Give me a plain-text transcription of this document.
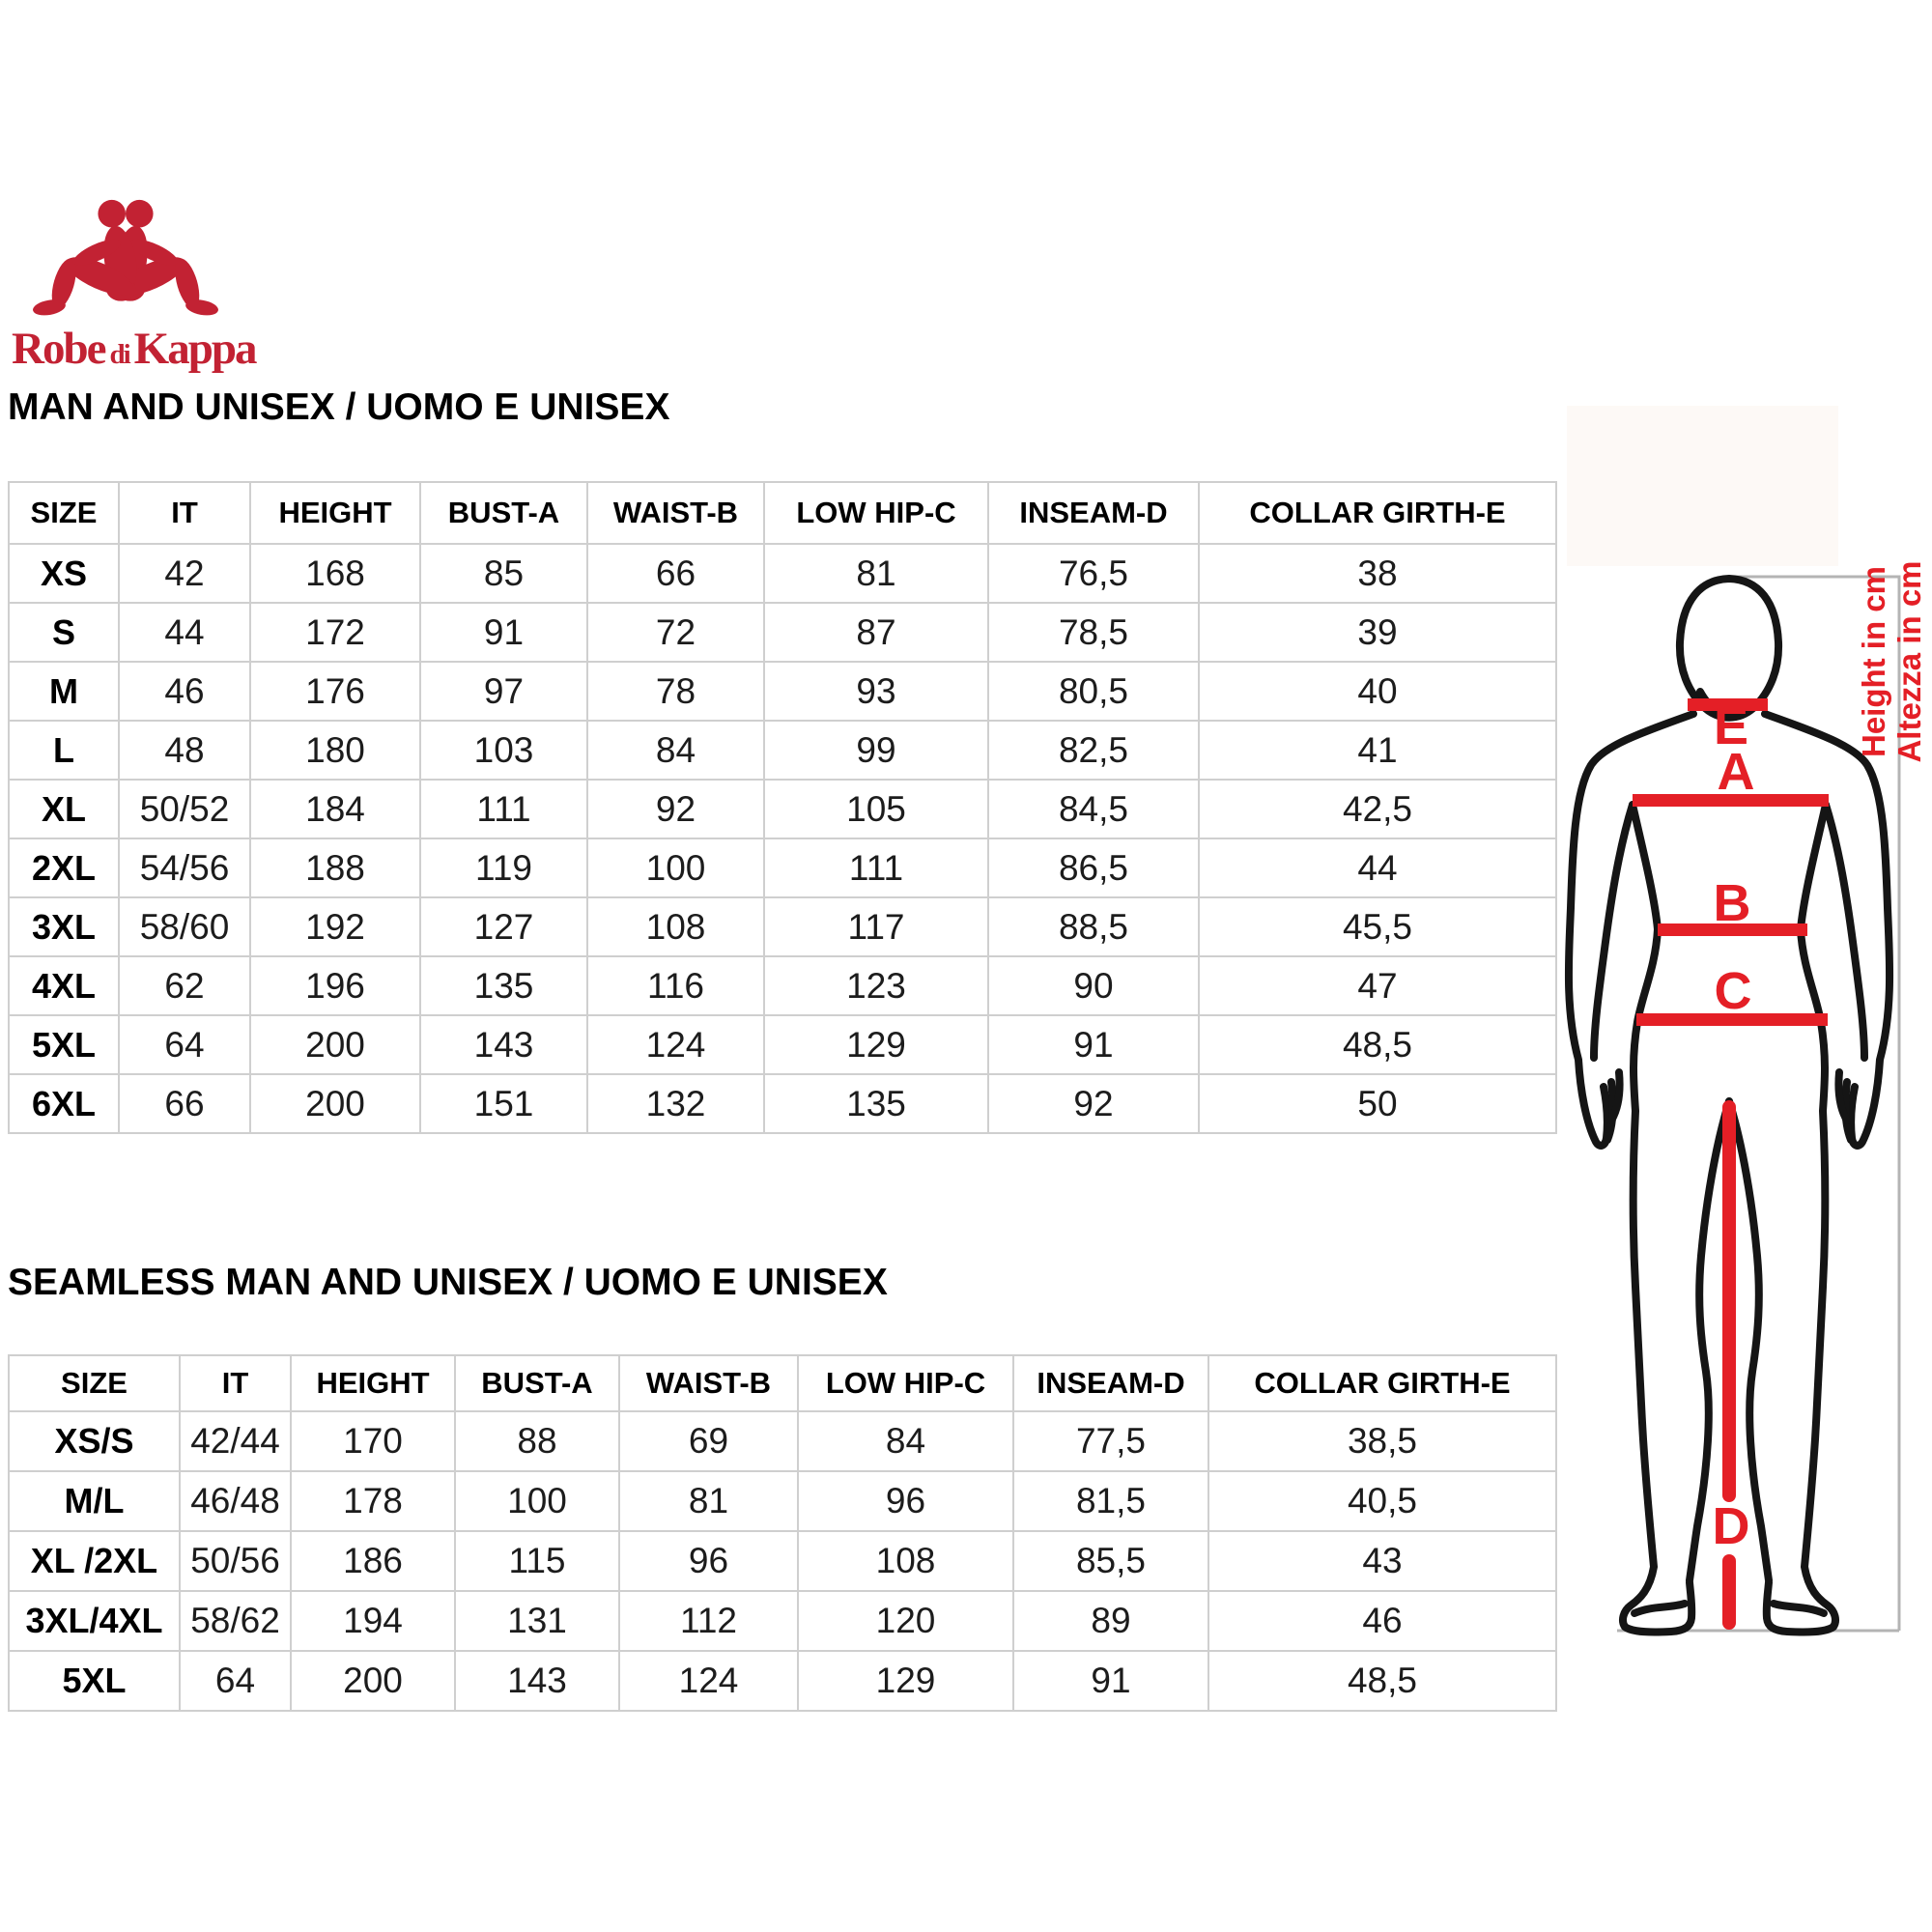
Robe di Kappa
MAN AND UNISEX / UOMO E UNISEX
SIZE	IT	HEIGHT	BUST-A	WAIST-B	LOW HIP-C	INSEAM-D	COLLAR GIRTH-E
XS	42	168	85	66	81	76,5	38
S	44	172	91	72	87	78,5	39
M	46	176	97	78	93	80,5	40
L	48	180	103	84	99	82,5	41
XL	50/52	184	111	92	105	84,5	42,5
2XL	54/56	188	119	100	111	86,5	44
3XL	58/60	192	127	108	117	88,5	45,5
4XL	62	196	135	116	123	90	47
5XL	64	200	143	124	129	91	48,5
6XL	66	200	151	132	135	92	50
SEAMLESS MAN AND UNISEX / UOMO E UNISEX
SIZE	IT	HEIGHT	BUST-A	WAIST-B	LOW HIP-C	INSEAM-D	COLLAR GIRTH-E
XS/S	42/44	170	88	69	84	77,5	38,5
M/L	46/48	178	100	81	96	81,5	40,5
XL /2XL	50/56	186	115	96	108	85,5	43
3XL/4XL	58/62	194	131	112	120	89	46
5XL	64	200	143	124	129	91	48,5
E
A
B
C
D
Height in cm Altezza in cm
